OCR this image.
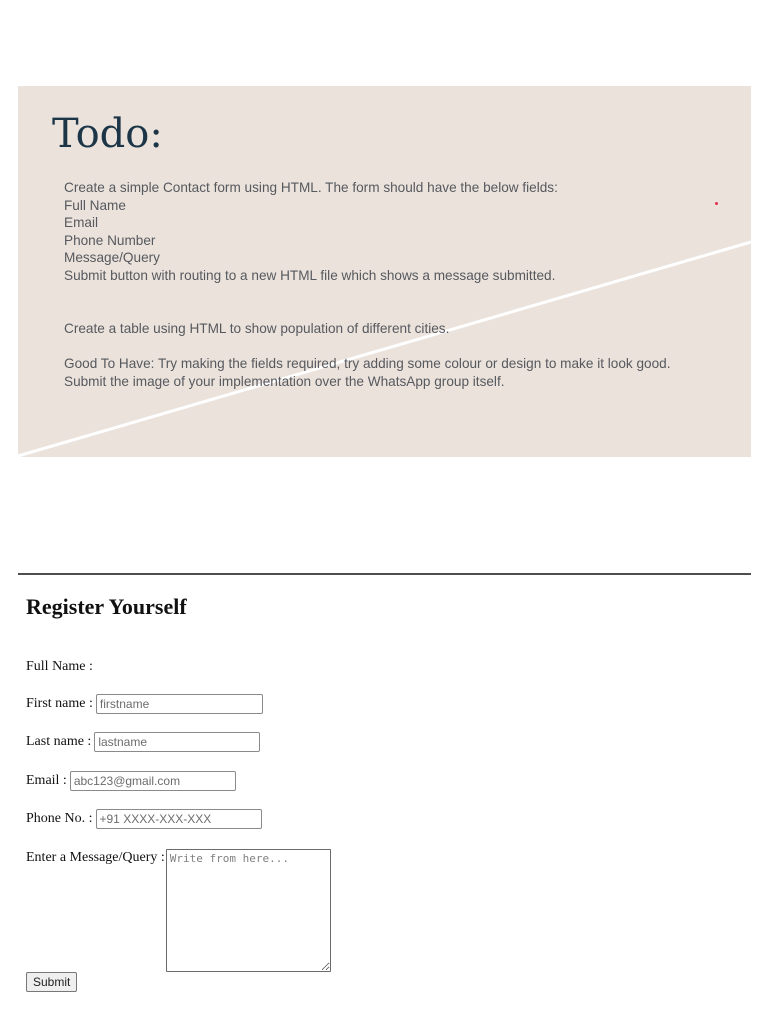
Todo:
Create a simple Contact form using HTML. The form should have the below fields:
Full Name
Email
Phone Number
Message/Query
Submit button with routing to a new HTML file which shows a message submitted.
Create a table using HTML to show population of different cities.
Good To Have: Try making the fields required, try adding some colour or design to make it look good.
Submit the image of your implementation over the WhatsApp group itself.
Register Yourself
Full Name :
First name :
firstname
Last name :
lastname
Email :
abc123@gmail.com
Phone No. :
+91 XXXX-XXX-XXX
Enter a Message/Query :
Write from here...
Submit
